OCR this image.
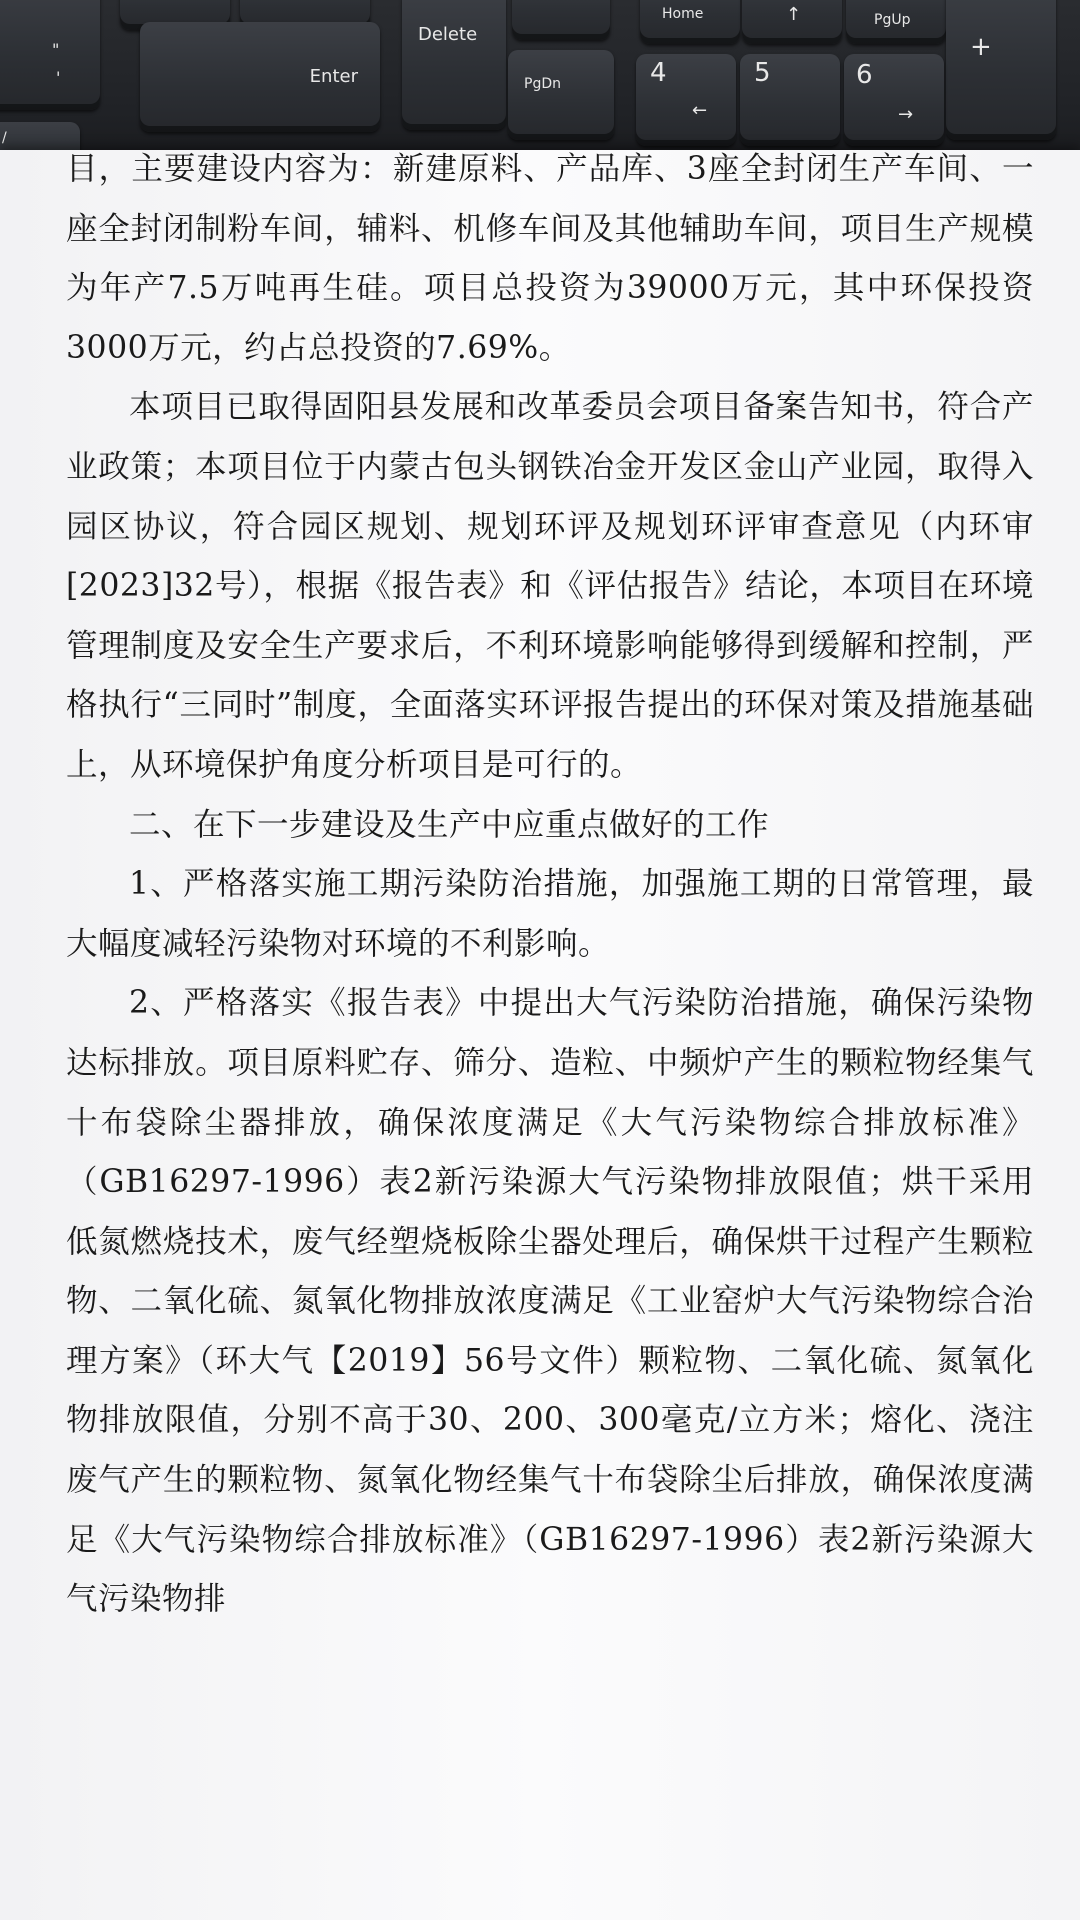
"
'	Enter
Delete
PgDn
Home	↑	PgUp
+
4
←
5	6
→
/

目，主要建设内容为：新建原料、产品库、3座全封闭生产车间、一座全封闭制粉车间，辅料、机修车间及其他辅助车间，项目生产规模为年产7.5万吨再生硅。项目总投资为39000万元，其中环保投资3000万元，约占总投资的7.69%。

本项目已取得固阳县发展和改革委员会项目备案告知书，符合产业政策；本项目位于内蒙古包头钢铁冶金开发区金山产业园，取得入园区协议，符合园区规划、规划环评及规划环评审查意见（内环审[2023]32号），根据《报告表》和《评估报告》结论，本项目在环境管理制度及安全生产要求后，不利环境影响能够得到缓解和控制，严格执行“三同时”制度，全面落实环评报告提出的环保对策及措施基础上，从环境保护角度分析项目是可行的。

二、在下一步建设及生产中应重点做好的工作

1、严格落实施工期污染防治措施，加强施工期的日常管理，最大幅度减轻污染物对环境的不利影响。

2、严格落实《报告表》中提出大气污染防治措施，确保污染物达标排放。项目原料贮存、筛分、造粒、中频炉产生的颗粒物经集气十布袋除尘器排放，确保浓度满足《大气污染物综合排放标准》（GB16297-1996）表2新污染源大气污染物排放限值；烘干采用低氮燃烧技术，废气经塑烧板除尘器处理后，确保烘干过程产生颗粒物、二氧化硫、氮氧化物排放浓度满足《工业窑炉大气污染物综合治理方案》（环大气【2019】56号文件）颗粒物、二氧化硫、氮氧化物排放限值，分别不高于30、200、300毫克/立方米；熔化、浇注废气产生的颗粒物、氮氧化物经集气十布袋除尘后排放，确保浓度满足《大气污染物综合排放标准》（GB16297-1996）表2新污染源大气污染物排
